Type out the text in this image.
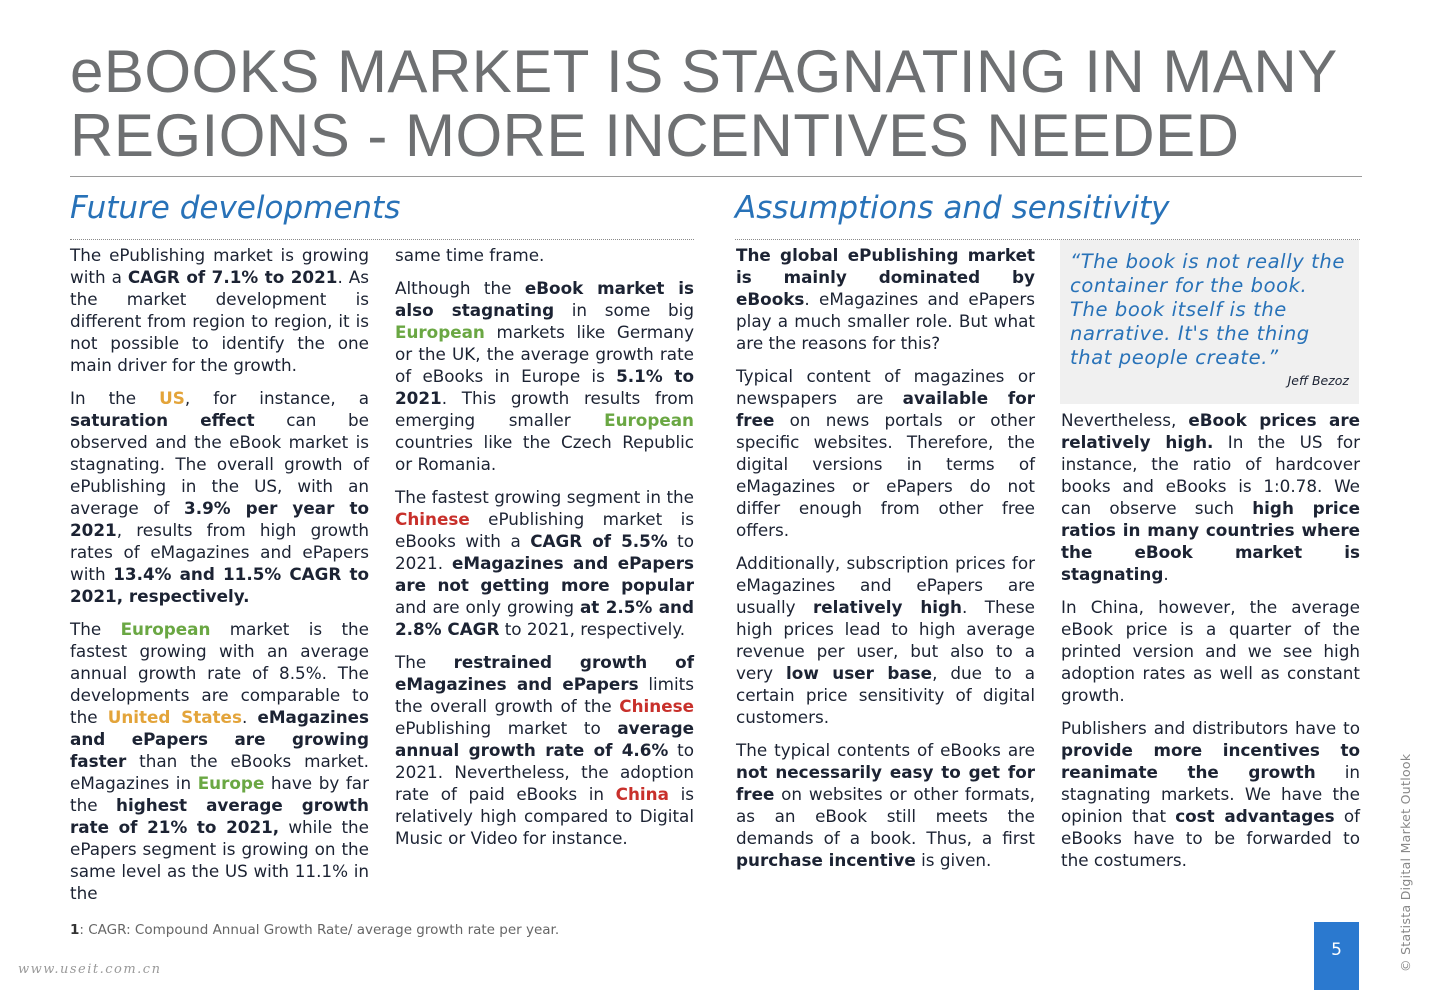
eBOOKS MARKET IS STAGNATING IN MANY
REGIONS - MORE INCENTIVES NEEDED
Future developments	Assumptions and sensitivity

The ePublishing market is growing with a CAGR of 7.1% to 2021. As the market development is different from region to region, it is not possible to identify the one main driver for the growth.

In the US, for instance, a saturation effect can be observed and the eBook market is stagnating. The overall growth of ePublishing in the US, with an average of 3.9% per year to 2021, results from high growth rates of eMagazines and ePapers with 13.4% and 11.5% CAGR to 2021, respectively.

The European market is the fastest growing with an average annual growth rate of 8.5%. The developments are comparable to the United States. eMagazines and ePapers are growing faster than the eBooks market. eMagazines in Europe have by far the highest average growth rate of 21% to 2021, while the ePapers segment is growing on the same level as the US with 11.1% in the

same time frame.

Although the eBook market is also stagnating in some big European markets like Germany or the UK, the average growth rate of eBooks in Europe is 5.1% to 2021. This growth results from emerging smaller European countries like the Czech Republic or Romania.

The fastest growing segment in the Chinese ePublishing market is eBooks with a CAGR of 5.5% to 2021. eMagazines and ePapers are not getting more popular and are only growing at 2.5% and 2.8% CAGR to 2021, respectively.

The restrained growth of eMagazines and ePapers limits the overall growth of the Chinese ePublishing market to average annual growth rate of 4.6% to 2021. Nevertheless, the adoption rate of paid eBooks in China is relatively high compared to Digital Music or Video for instance.

The global ePublishing market is mainly dominated by eBooks. eMagazines and ePapers play a much smaller role. But what are the reasons for this?

Typical content of magazines or newspapers are available for free on news portals or other specific websites. Therefore, the digital versions in terms of eMagazines or ePapers do not differ enough from other free offers.

Additionally, subscription prices for eMagazines and ePapers are usually relatively high. These high prices lead to high average revenue per user, but also to a very low user base, due to a certain price sensitivity of digital customers.

The typical contents of eBooks are not necessarily easy to get for free on websites or other formats, as an eBook still meets the demands of a book. Thus, a first purchase incentive is given.

“The book is not really the container for the book. The book itself is the narrative. It's the thing that people create.”

Jeff Bezoz

Nevertheless, eBook prices are relatively high. In the US for instance, the ratio of hardcover books and eBooks is 1:0.78. We can observe such high price ratios in many countries where the eBook market is stagnating.

In China, however, the average eBook price is a quarter of the printed version and we see high adoption rates as well as constant growth.

Publishers and distributors have to provide more incentives to reanimate the growth in stagnating markets. We have the opinion that cost advantages of eBooks have to be forwarded to the costumers.

1: CAGR: Compound Annual Growth Rate/ average growth rate per year.
5	© Statista Digital Market Outlook
www.useit.com.cn
